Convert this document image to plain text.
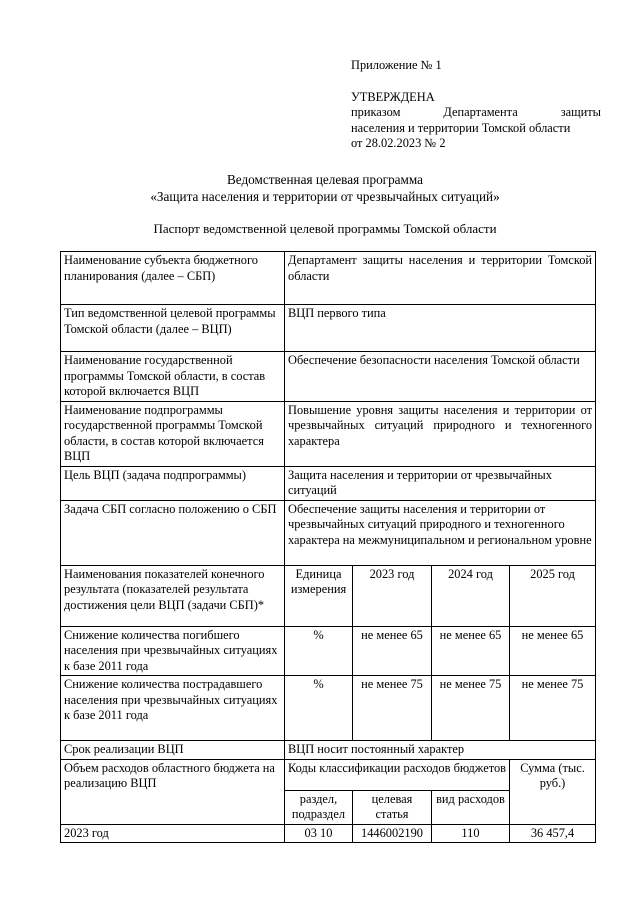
Приложение № 1
УТВЕРЖДЕНА
приказом Департамента защиты
населения и территории Томской области
от 28.02.2023 № 2
Ведомственная целевая программа
«Защита населения и территории от чрезвычайных ситуаций»
Паспорт ведомственной целевой программы Томской области
Наименование субъекта бюджетного планирования (далее – СБП)	Департамент защиты населения и территории Томской области			
Тип ведомственной целевой программы Томской области (далее – ВЦП)	ВЦП первого типа			
Наименование государственной программы Томской области, в состав которой включается ВЦП	Обеспечение безопасности населения Томской области			
Наименование подпрограммы государственной программы Томской области, в состав которой включается ВЦП	Повышение уровня защиты населения и территории от чрезвычайных ситуаций природного и техногенного характера			
Цель ВЦП (задача подпрограммы)	Защита населения и территории от чрезвычайных ситуаций			
Задача СБП согласно положению о СБП	Обеспечение защиты населения и территории от чрезвычайных ситуаций природного и техногенного характера на межмуниципальном и региональном уровне			
Наименования показателей конечного результата (показателей результата достижения цели ВЦП (задачи СБП)*	Единица измерения	2023 год	2024 год	2025 год
Снижение количества погибшего населения при чрезвычайных ситуациях к базе 2011 года	%	не менее 65	не менее 65	не менее 65
Снижение количества пострадавшего населения при чрезвычайных ситуациях к базе 2011 года	%	не менее 75	не менее 75	не менее 75
Срок реализации ВЦП	ВЦП носит постоянный характер			
Объем расходов областного бюджета на реализацию ВЦП	Коды классификации расходов бюджетов			Сумма (тыс. руб.)
	раздел, подраздел	целевая статья	вид расходов	
2023 год	03 10	1446002190	110	36 457,4
